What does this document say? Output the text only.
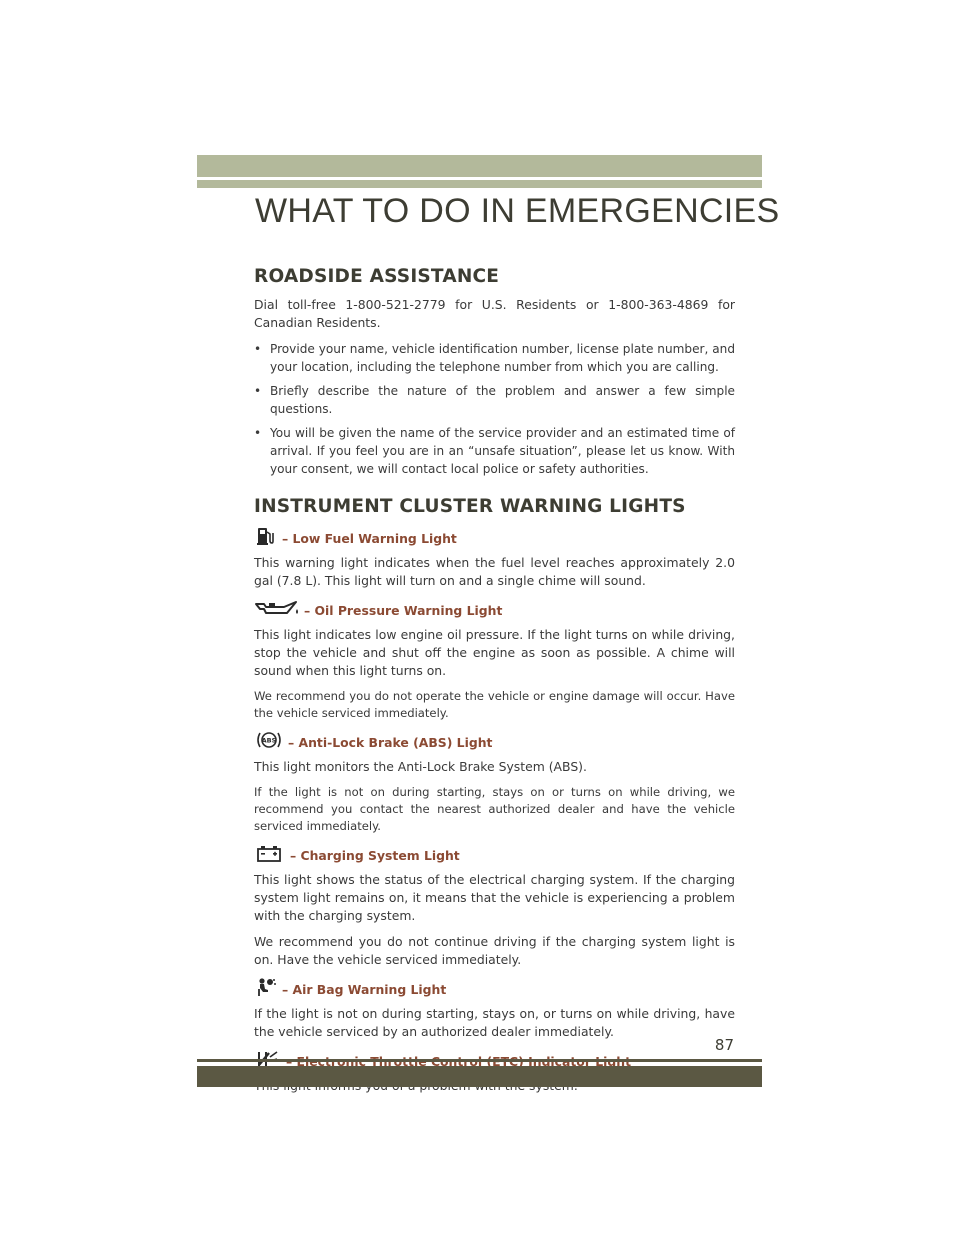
WHAT TO DO IN EMERGENCIES
ROADSIDE ASSISTANCE

Dial toll-free 1-800-521-2779 for U.S. Residents or 1-800-363-4869 for Canadian Residents.

• Provide your name, vehicle identification number, license plate number, and your location, including the telephone number from which you are calling.
• Briefly describe the nature of the problem and answer a few simple questions.
• You will be given the name of the service provider and an estimated time of arrival. If you feel you are in an “unsafe situation”, please let us know. With your consent, we will contact local police or safety authorities.
INSTRUMENT CLUSTER WARNING LIGHTS
– Low Fuel Warning Light

This warning light indicates when the fuel level reaches approximately 2.0 gal (7.8 L). This light will turn on and a single chime will sound.

– Oil Pressure Warning Light

This light indicates low engine oil pressure. If the light turns on while driving, stop the vehicle and shut off the engine as soon as possible. A chime will sound when this light turns on.

We recommend you do not operate the vehicle or engine damage will occur. Have the vehicle serviced immediately.

ABS – Anti-Lock Brake (ABS) Light

This light monitors the Anti-Lock Brake System (ABS).

If the light is not on during starting, stays on or turns on while driving, we recommend you contact the nearest authorized dealer and have the vehicle serviced immediately.

– Charging System Light

This light shows the status of the electrical charging system. If the charging system light remains on, it means that the vehicle is experiencing a problem with the charging system.

We recommend you do not continue driving if the charging system light is on. Have the vehicle serviced immediately.

– Air Bag Warning Light

If the light is not on during starting, stays on, or turns on while driving, have the vehicle serviced by an authorized dealer immediately.

87
